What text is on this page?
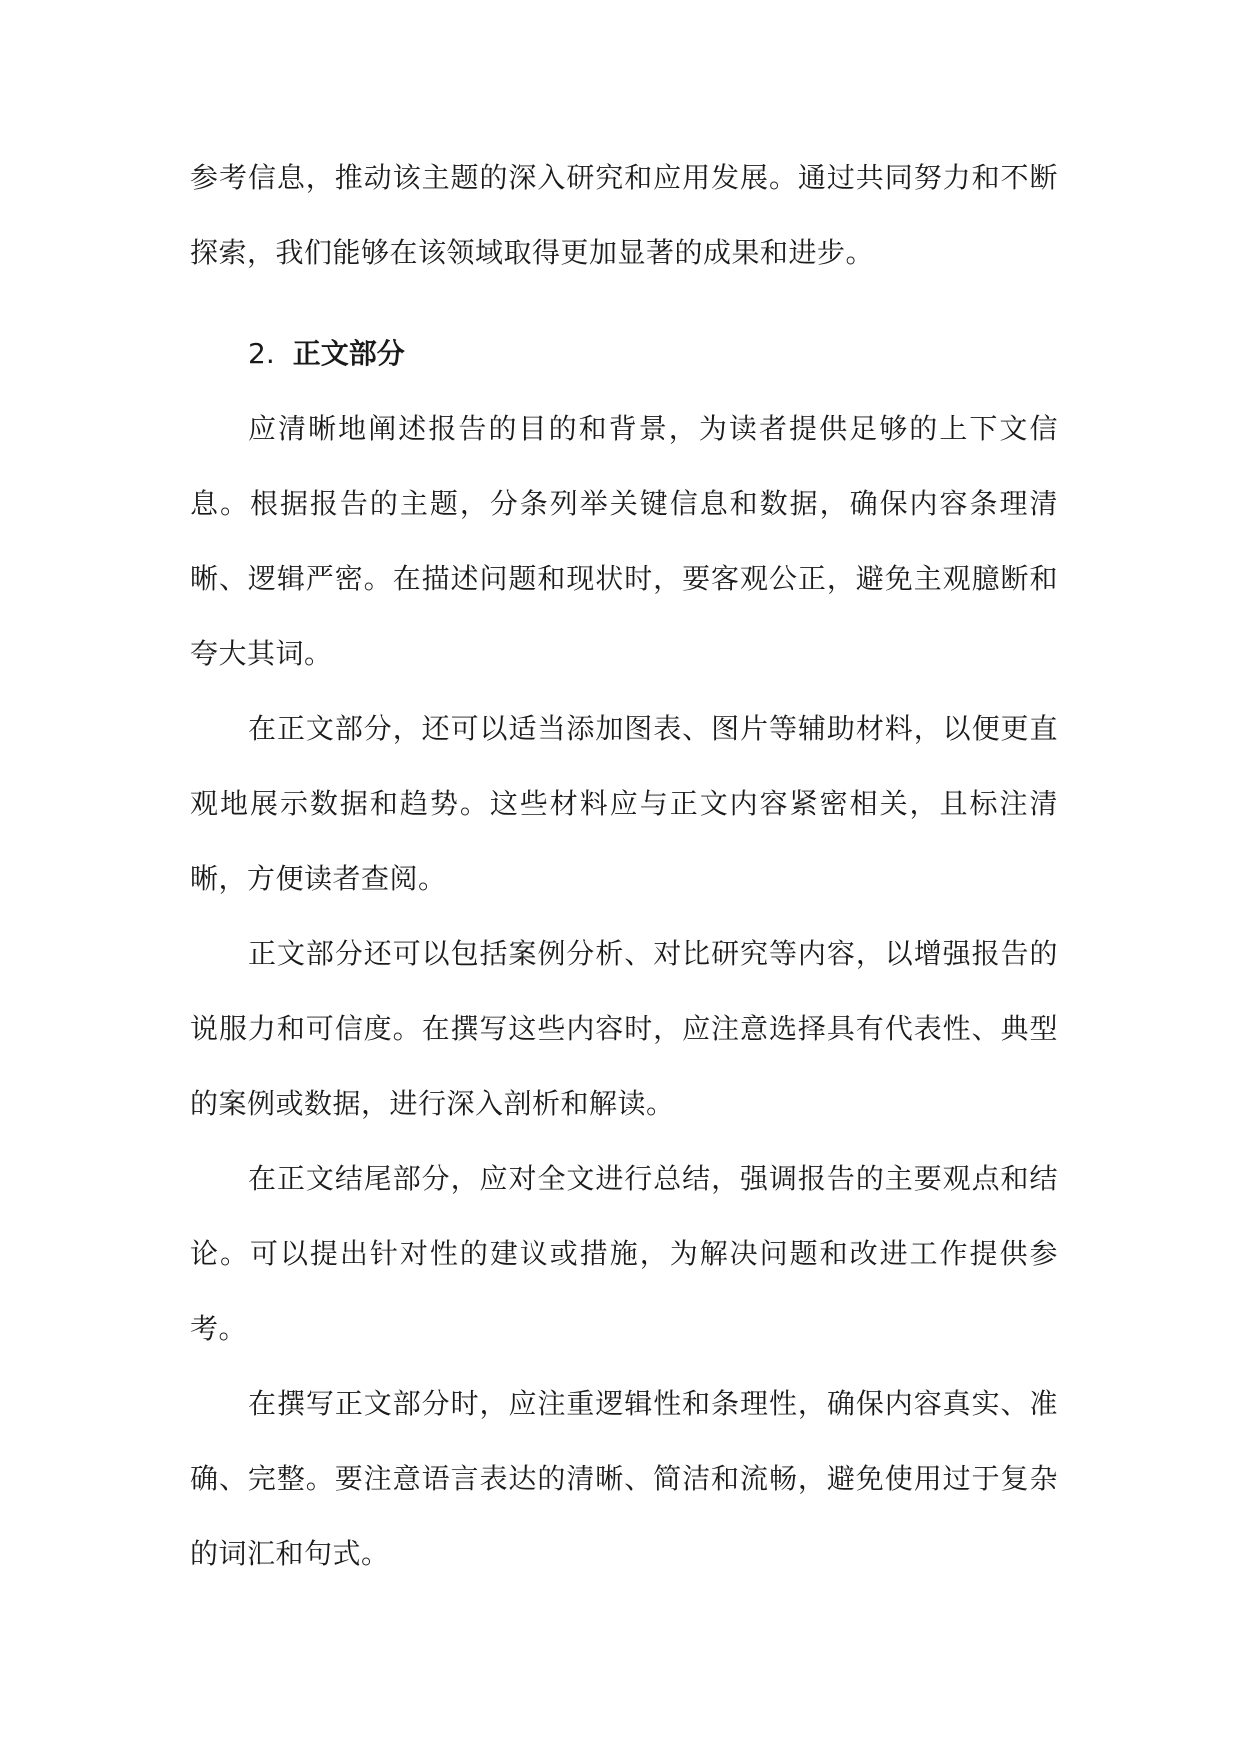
参考信息，推动该主题的深入研究和应用发展。通过共同努力和不断探索，我们能够在该领域取得更加显著的成果和进步。

2. 正文部分

应清晰地阐述报告的目的和背景，为读者提供足够的上下文信息。根据报告的主题，分条列举关键信息和数据，确保内容条理清晰、逻辑严密。在描述问题和现状时，要客观公正，避免主观臆断和夸大其词。

在正文部分，还可以适当添加图表、图片等辅助材料，以便更直观地展示数据和趋势。这些材料应与正文内容紧密相关，且标注清晰，方便读者查阅。

正文部分还可以包括案例分析、对比研究等内容，以增强报告的说服力和可信度。在撰写这些内容时，应注意选择具有代表性、典型的案例或数据，进行深入剖析和解读。

在正文结尾部分，应对全文进行总结，强调报告的主要观点和结论。可以提出针对性的建议或措施，为解决问题和改进工作提供参考。

在撰写正文部分时，应注重逻辑性和条理性，确保内容真实、准确、完整。要注意语言表达的清晰、简洁和流畅，避免使用过于复杂的词汇和句式。
